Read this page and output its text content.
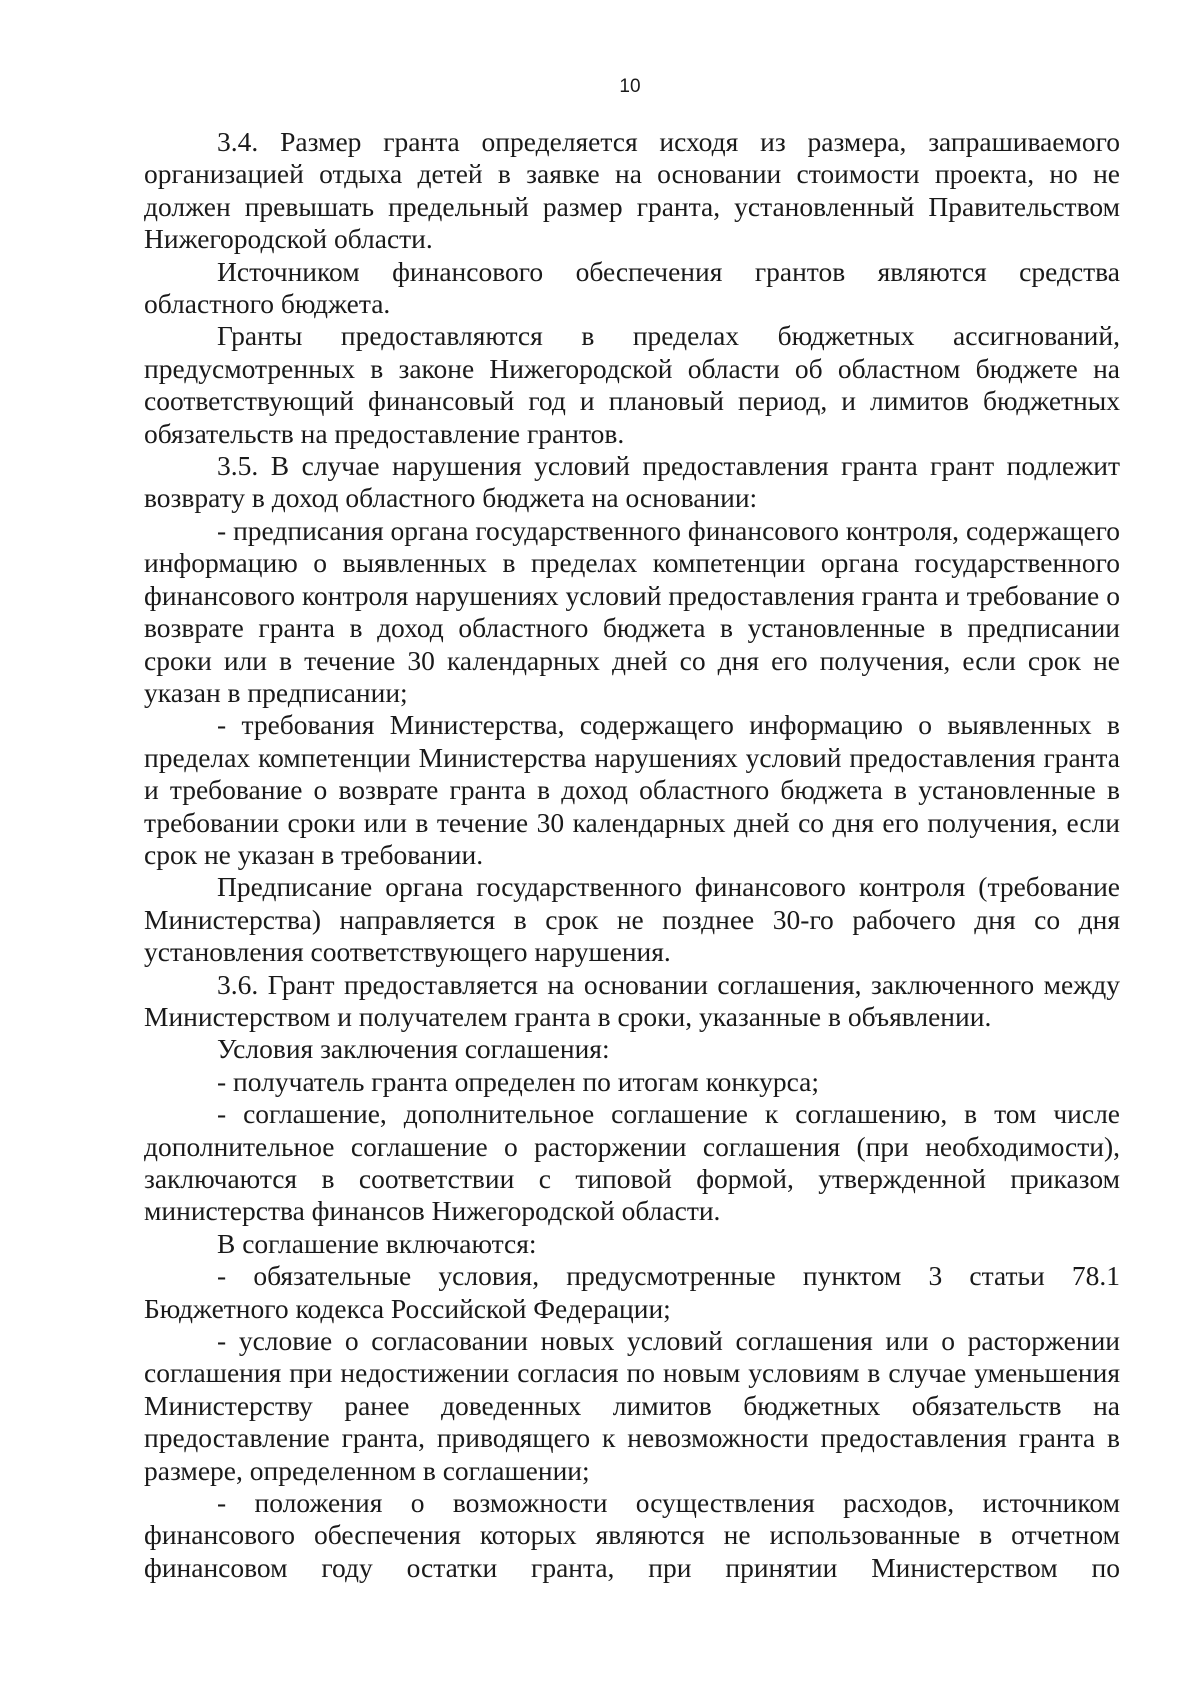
10

3.4. Размер гранта определяется исходя из размера, запрашиваемого организацией отдыха детей в заявке на основании стоимости проекта, но не должен превышать предельный размер гранта, установленный Правительством Нижегородской области.

Источником финансового обеспечения грантов являются средства областного бюджета.

Гранты предоставляются в пределах бюджетных ассигнований, предусмотренных в законе Нижегородской области об областном бюджете на соответствующий финансовый год и плановый период, и лимитов бюджетных обязательств на предоставление грантов.

3.5. В случае нарушения условий предоставления гранта грант подлежит возврату в доход областного бюджета на основании:

- предписания органа государственного финансового контроля, содержащего информацию о выявленных в пределах компетенции органа государственного финансового контроля нарушениях условий предоставления гранта и требование о возврате гранта в доход областного бюджета в установленные в предписании сроки или в течение 30 календарных дней со дня его получения, если срок не указан в предписании;

- требования Министерства, содержащего информацию о выявленных в пределах компетенции Министерства нарушениях условий предоставления гранта и требование о возврате гранта в доход областного бюджета в установленные в требовании сроки или в течение 30 календарных дней со дня его получения, если срок не указан в требовании.

Предписание органа государственного финансового контроля (требование Министерства) направляется в срок не позднее 30-го рабочего дня со дня установления соответствующего нарушения.

3.6. Грант предоставляется на основании соглашения, заключенного между Министерством и получателем гранта в сроки, указанные в объявлении.

Условия заключения соглашения:

- получатель гранта определен по итогам конкурса;

- соглашение, дополнительное соглашение к соглашению, в том числе дополнительное соглашение о расторжении соглашения (при необходимости), заключаются в соответствии с типовой формой, утвержденной приказом министерства финансов Нижегородской области.

В соглашение включаются:

- обязательные условия, предусмотренные пунктом 3 статьи 78.1 Бюджетного кодекса Российской Федерации;

- условие о согласовании новых условий соглашения или о расторжении соглашения при недостижении согласия по новым условиям в случае уменьшения Министерству ранее доведенных лимитов бюджетных обязательств на предоставление гранта, приводящего к невозможности предоставления гранта в размере, определенном в соглашении;

- положения о возможности осуществления расходов, источником финансового обеспечения которых являются не использованные в отчетном финансовом году остатки гранта, при принятии Министерством по
